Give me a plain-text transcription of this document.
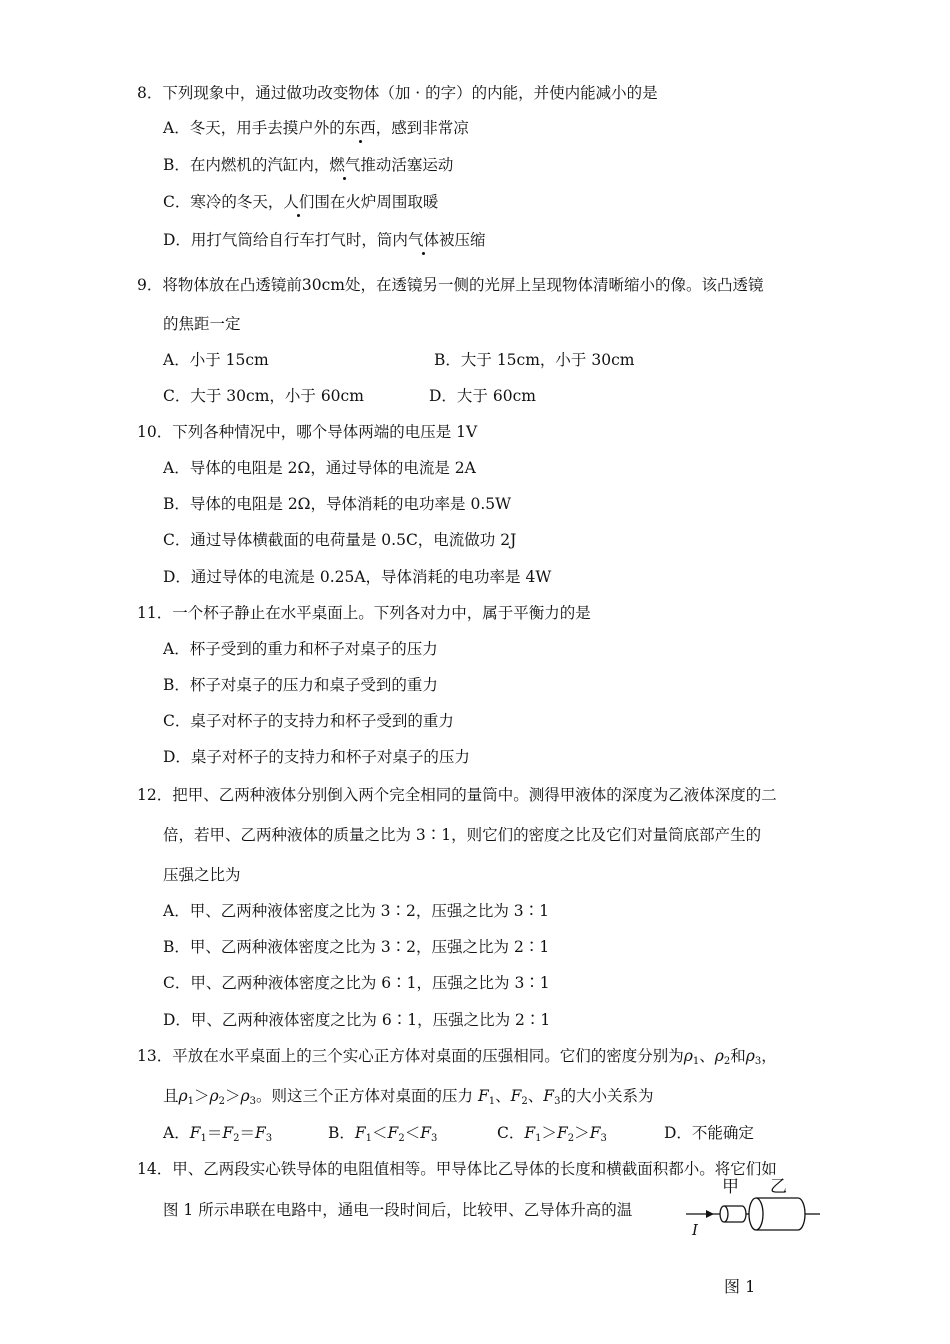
8．下列现象中，通过做功改变物体（加 · 的字）的内能，并使内能减小的是
A．冬天，用手去摸户外的东西，感到非常凉
B．在内燃机的汽缸内，燃气推动活塞运动
C．寒冷的冬天，人们围在火炉周围取暖
D．用打气筒给自行车打气时，筒内气体被压缩
9．将物体放在凸透镜前30cm处，在透镜另一侧的光屏上呈现物体清晰缩小的像。该凸透镜
的焦距一定
A．小于 15cm	B．大于 15cm，小于 30cm
C．大于 30cm，小于 60cm	D．大于 60cm
10．下列各种情况中，哪个导体两端的电压是 1V
A．导体的电阻是 2Ω，通过导体的电流是 2A
B．导体的电阻是 2Ω，导体消耗的电功率是 0.5W
C．通过导体横截面的电荷量是 0.5C，电流做功 2J
D．通过导体的电流是 0.25A，导体消耗的电功率是 4W
11．一个杯子静止在水平桌面上。下列各对力中，属于平衡力的是
A．杯子受到的重力和杯子对桌子的压力
B．杯子对桌子的压力和桌子受到的重力
C．桌子对杯子的支持力和杯子受到的重力
D．桌子对杯子的支持力和杯子对桌子的压力
12．把甲、乙两种液体分别倒入两个完全相同的量筒中。测得甲液体的深度为乙液体深度的二
倍，若甲、乙两种液体的质量之比为 3∶1，则它们的密度之比及它们对量筒底部产生的
压强之比为
A．甲、乙两种液体密度之比为 3∶2，压强之比为 3∶1
B．甲、乙两种液体密度之比为 3∶2，压强之比为 2∶1
C．甲、乙两种液体密度之比为 6∶1，压强之比为 3∶1
D．甲、乙两种液体密度之比为 6∶1，压强之比为 2∶1
13．平放在水平桌面上的三个实心正方体对桌面的压强相同。它们的密度分别为$\rho_1$、$\rho_2$和$\rho_3$，
且$\rho_1>\rho_2>\rho_3$。则这三个正方体对桌面的压力 $F_1$、$F_2$、$F_3$的大小关系为
A．$F_1=F_2=F_3$	B．$F_1<F_2<F_3$	C．$F_1>F_2>F_3$	D．不能确定
14．甲、乙两段实心铁导体的电阻值相等。甲导体比乙导体的长度和横截面积都小。将它们如
图 1 所示串联在电路中，通电一段时间后，比较甲、乙导体升高的温
甲 乙
I
图 1
